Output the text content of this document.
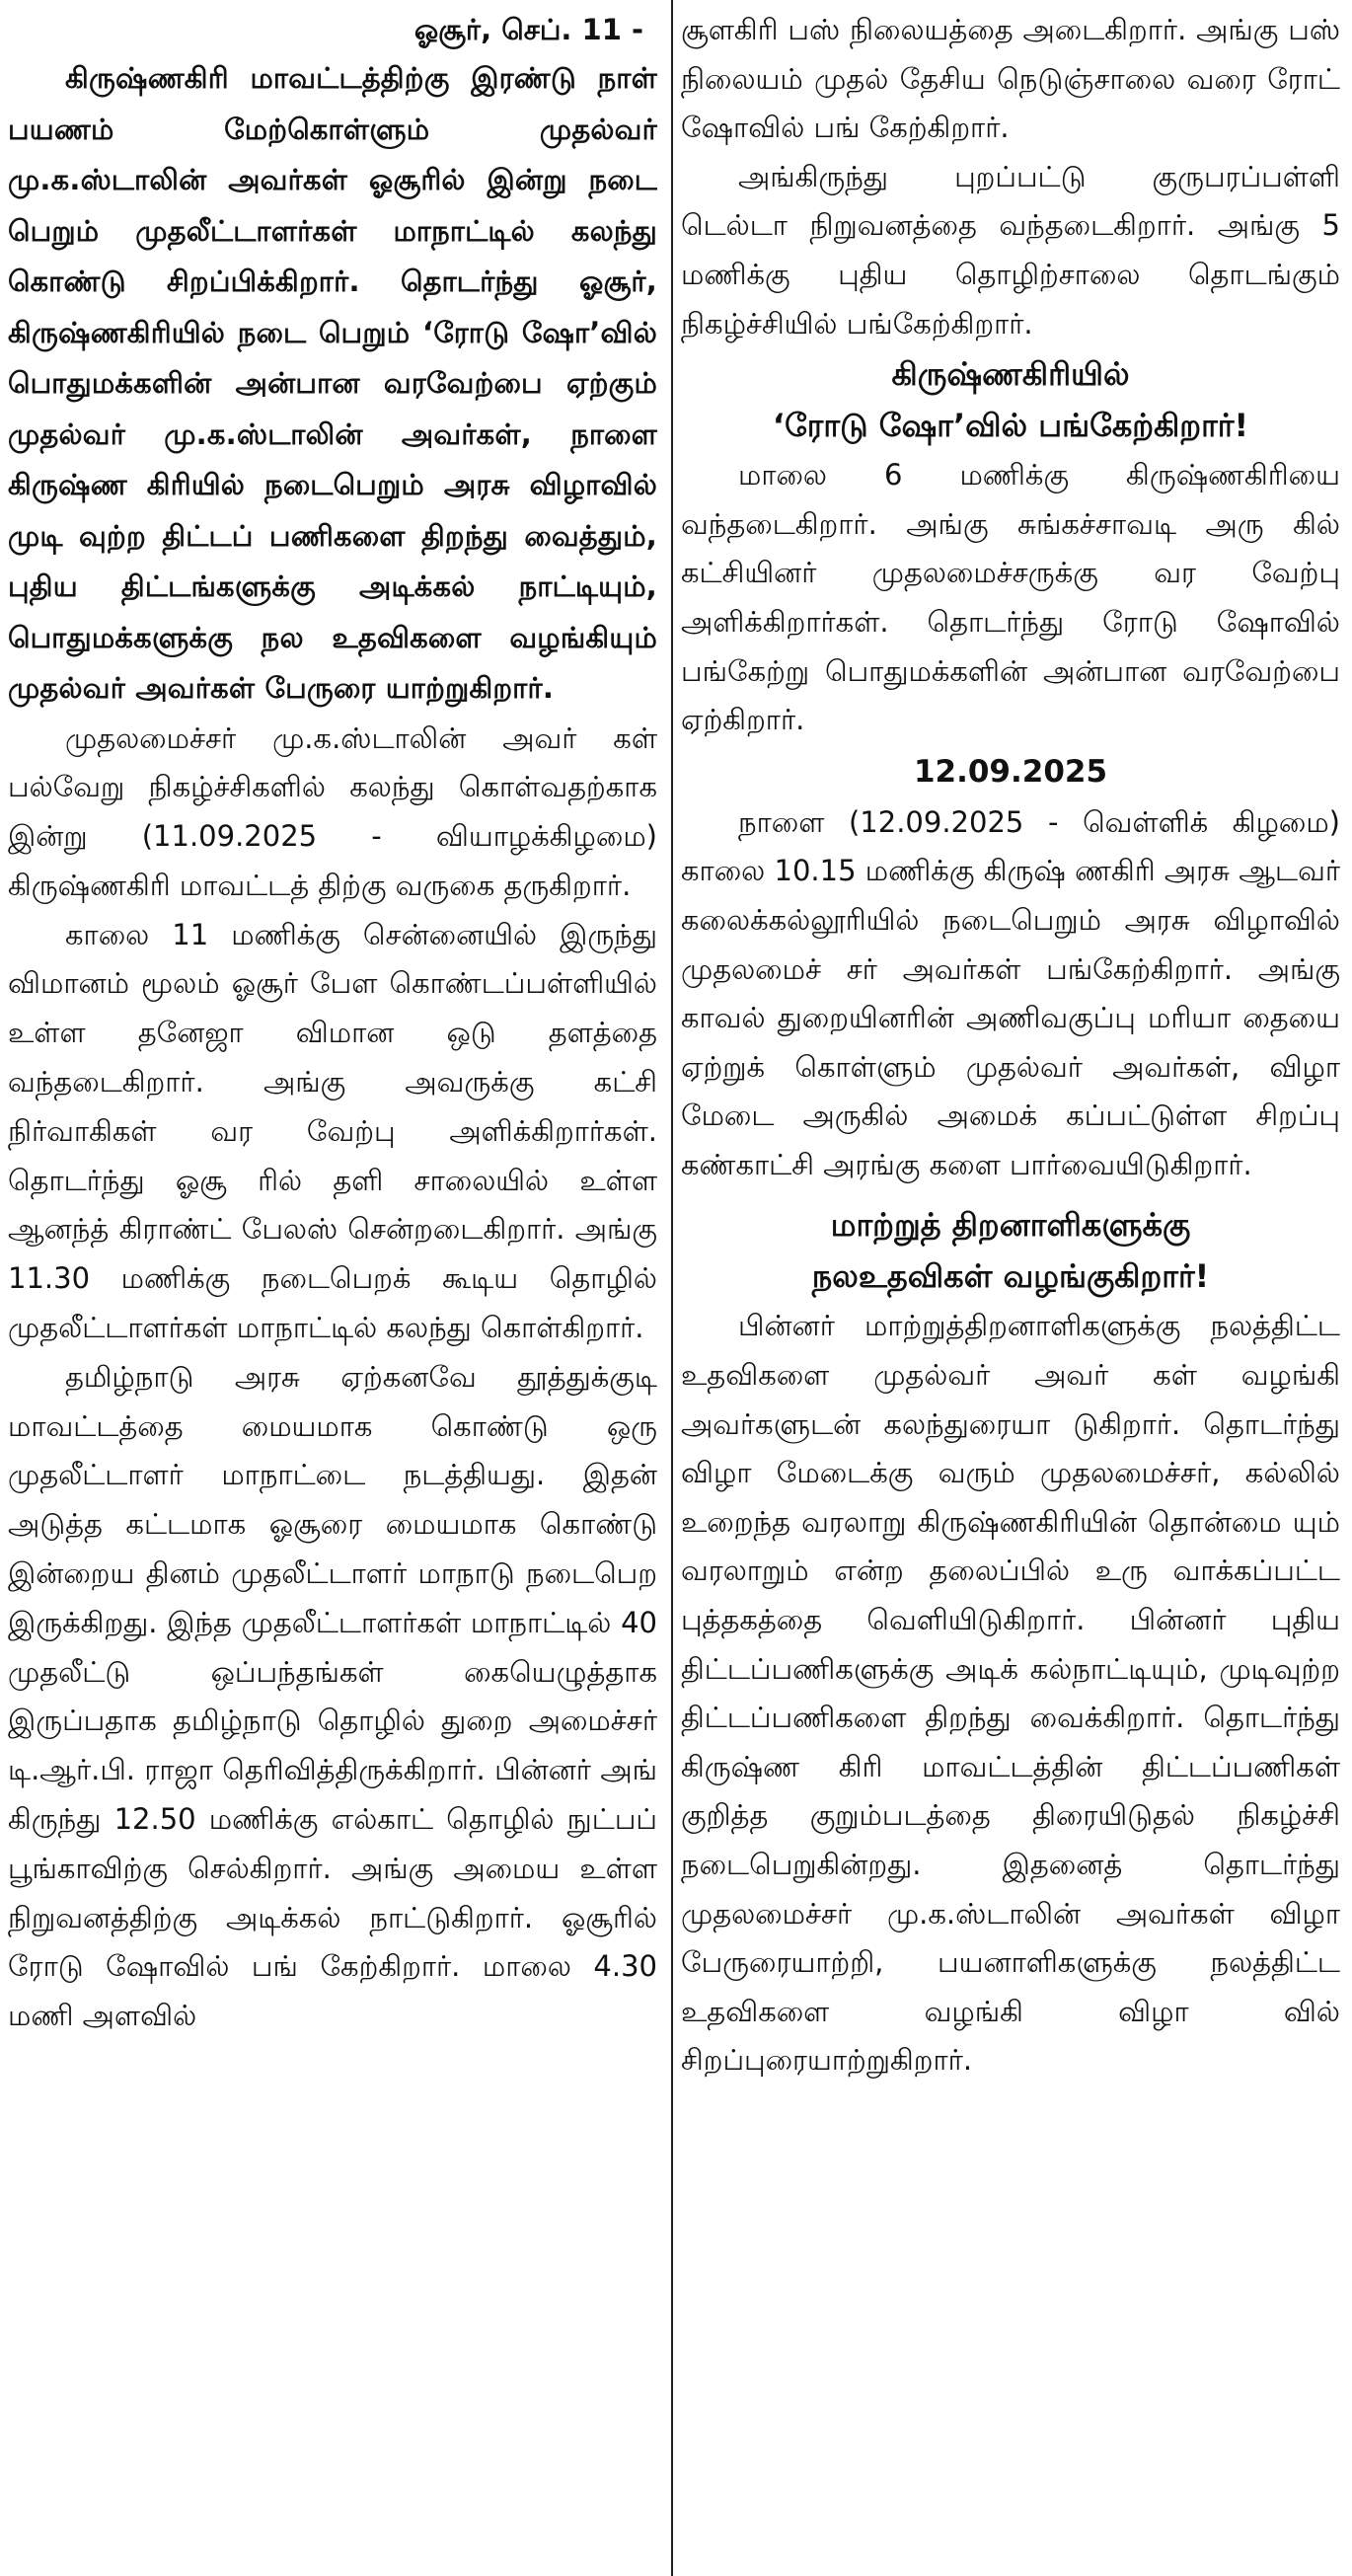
ஓசூர், செப். 11 -

கிருஷ்ணகிரி மாவட்டத்திற்கு இரண்டு நாள் பயணம் மேற்கொள்ளும் முதல்வர் மு.க.ஸ்டாலின் அவர்கள் ஓசூரில் இன்று நடை பெறும் முதலீட்டாளர்கள் மாநாட்டில் கலந்து கொண்டு சிறப்பிக்கிறார். தொடர்ந்து ஓசூர், கிருஷ்ணகிரியில் நடை பெறும் ‘ரோடு ஷோ’வில் பொதுமக்களின் அன்பான வரவேற்பை ஏற்கும் முதல்வர் மு.க.ஸ்டாலின் அவர்கள், நாளை கிருஷ்ண கிரியில் நடைபெறும் அரசு விழாவில் முடி வுற்ற திட்டப் பணிகளை திறந்து வைத்தும், புதிய திட்டங்களுக்கு அடிக்கல் நாட்டியும், பொதுமக்களுக்கு நல உதவிகளை வழங்கியும் முதல்வர் அவர்கள் பேருரை யாற்றுகிறார்.

முதலமைச்சர் மு.க.ஸ்டாலின் அவர் கள் பல்வேறு நிகழ்ச்சிகளில் கலந்து கொள்வதற்காக இன்று (11.09.2025 - வியாழக்கிழமை) கிருஷ்ணகிரி மாவட்டத் திற்கு வருகை தருகிறார்.

காலை 11 மணிக்கு சென்னையில் இருந்து விமானம் மூலம் ஓசூர் பேள கொண்டப்பள்ளியில் உள்ள தனேஜா விமான ஒடு தளத்தை வந்தடைகிறார். அங்கு அவருக்கு கட்சி நிர்வாகிகள் வர வேற்பு அளிக்கிறார்கள். தொடர்ந்து ஓசூ ரில் தளி சாலையில் உள்ள ஆனந்த் கிராண்ட் பேலஸ் சென்றடைகிறார். அங்கு 11.30 மணிக்கு நடைபெறக் கூடிய தொழில் முதலீட்டாளர்கள் மாநாட்டில் கலந்து கொள்கிறார்.

தமிழ்நாடு அரசு ஏற்கனவே தூத்துக்குடி மாவட்டத்தை மையமாக கொண்டு ஒரு முதலீட்டாளர் மாநாட்டை நடத்தியது. இதன் அடுத்த கட்டமாக ஓசூரை மையமாக கொண்டு இன்றைய தினம் முதலீட்டாளர் மாநாடு நடைபெற இருக்கிறது. இந்த முதலீட்டாளர்கள் மாநாட்டில் 40 முதலீட்டு ஒப்பந்தங்கள் கையெழுத்தாக இருப்பதாக தமிழ்நாடு தொழில் துறை அமைச்சர் டி.ஆர்.பி. ராஜா தெரிவித்திருக்கிறார். பின்னர் அங் கிருந்து 12.50 மணிக்கு எல்காட் தொழில் நுட்பப் பூங்காவிற்கு செல்கிறார். அங்கு அமைய உள்ள நிறுவனத்திற்கு அடிக்கல் நாட்டுகிறார். ஓசூரில் ரோடு ஷோவில் பங் கேற்கிறார். மாலை 4.30 மணி அளவில்

சூளகிரி பஸ் நிலையத்தை அடைகிறார். அங்கு பஸ் நிலையம் முதல் தேசிய நெடுஞ்சாலை வரை ரோட் ஷோவில் பங் கேற்கிறார்.

அங்கிருந்து புறப்பட்டு குருபரப்பள்ளி டெல்டா நிறுவனத்தை வந்தடைகிறார். அங்கு 5 மணிக்கு புதிய தொழிற்சாலை தொடங்கும் நிகழ்ச்சியில் பங்கேற்கிறார்.

கிருஷ்ணகிரியில்

‘ரோடு ஷோ’வில் பங்கேற்கிறார்!

மாலை 6 மணிக்கு கிருஷ்ணகிரியை வந்தடைகிறார். அங்கு சுங்கச்சாவடி அரு கில் கட்சியினர் முதலமைச்சருக்கு வர வேற்பு அளிக்கிறார்கள். தொடர்ந்து ரோடு ஷோவில் பங்கேற்று பொதுமக்களின் அன்பான வரவேற்பை ஏற்கிறார்.

12.09.2025

நாளை (12.09.2025 - வெள்ளிக் கிழமை) காலை 10.15 மணிக்கு கிருஷ் ணகிரி அரசு ஆடவர் கலைக்கல்லூரியில் நடைபெறும் அரசு விழாவில் முதலமைச் சர் அவர்கள் பங்கேற்கிறார். அங்கு காவல் துறையினரின் அணிவகுப்பு மரியா தையை ஏற்றுக் கொள்ளும் முதல்வர் அவர்கள், விழா மேடை அருகில் அமைக் கப்பட்டுள்ள சிறப்பு கண்காட்சி அரங்கு களை பார்வையிடுகிறார்.

மாற்றுத் திறனாளிகளுக்கு

நலஉதவிகள் வழங்குகிறார்!

பின்னர் மாற்றுத்திறனாளிகளுக்கு நலத்திட்ட உதவிகளை முதல்வர் அவர் கள் வழங்கி அவர்களுடன் கலந்துரையா டுகிறார். தொடர்ந்து விழா மேடைக்கு வரும் முதலமைச்சர், கல்லில் உறைந்த வரலாறு கிருஷ்ணகிரியின் தொன்மை யும் வரலாறும் என்ற தலைப்பில் உரு வாக்கப்பட்ட புத்தகத்தை வெளியிடுகிறார். பின்னர் புதிய திட்டப்பணிகளுக்கு அடிக் கல்நாட்டியும், முடிவுற்ற திட்டப்பணிகளை திறந்து வைக்கிறார். தொடர்ந்து கிருஷ்ண கிரி மாவட்டத்தின் திட்டப்பணிகள் குறித்த குறும்படத்தை திரையிடுதல் நிகழ்ச்சி நடைபெறுகின்றது. இதனைத் தொடர்ந்து முதலமைச்சர் மு.க.ஸ்டாலின் அவர்கள் விழா பேருரையாற்றி, பயனாளிகளுக்கு நலத்திட்ட உதவிகளை வழங்கி விழா வில் சிறப்புரையாற்றுகிறார்.
